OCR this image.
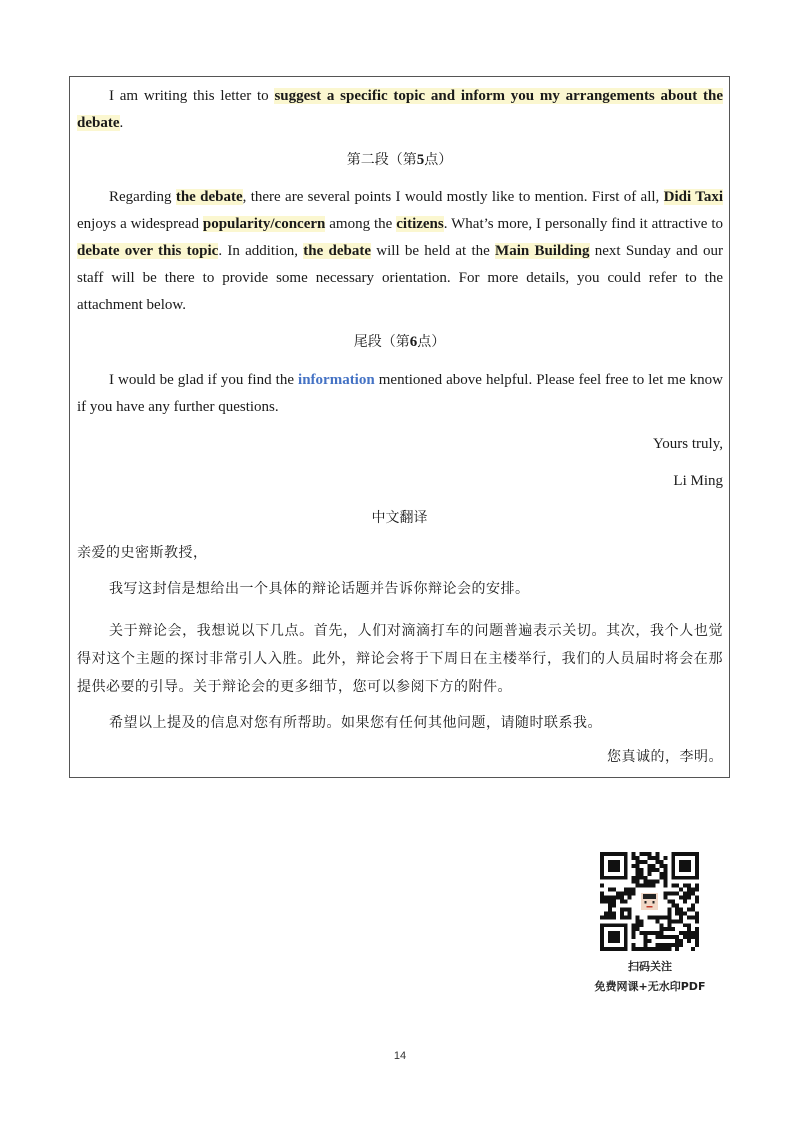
I am writing this letter to suggest a specific topic and inform you my arrangements about the debate.

第二段（第5点）

Regarding the debate, there are several points I would mostly like to mention. First of all, Didi Taxi enjoys a widespread popularity/concern among the citizens. What’s more, I personally find it attractive to debate over this topic. In addition, the debate will be held at the Main Building next Sunday and our staff will be there to provide some necessary orientation. For more details, you could refer to the attachment below.

尾段（第6点）

I would be glad if you find the information mentioned above helpful. Please feel free to let me know if you have any further questions.

Yours truly,

Li Ming

中文翻译

亲爱的史密斯教授，

我写这封信是想给出一个具体的辩论话题并告诉你辩论会的安排。

关于辩论会，我想说以下几点。首先，人们对滴滴打车的问题普遍表示关切。其次，我个人也觉得对这个主题的探讨非常引人入胜。此外，辩论会将于下周日在主楼举行，我们的人员届时将会在那提供必要的引导。关于辩论会的更多细节，您可以参阅下方的附件。

希望以上提及的信息对您有所帮助。如果您有任何其他问题，请随时联系我。

您真诚的，李明。

扫码关注
免费网课+无水印PDF
14
